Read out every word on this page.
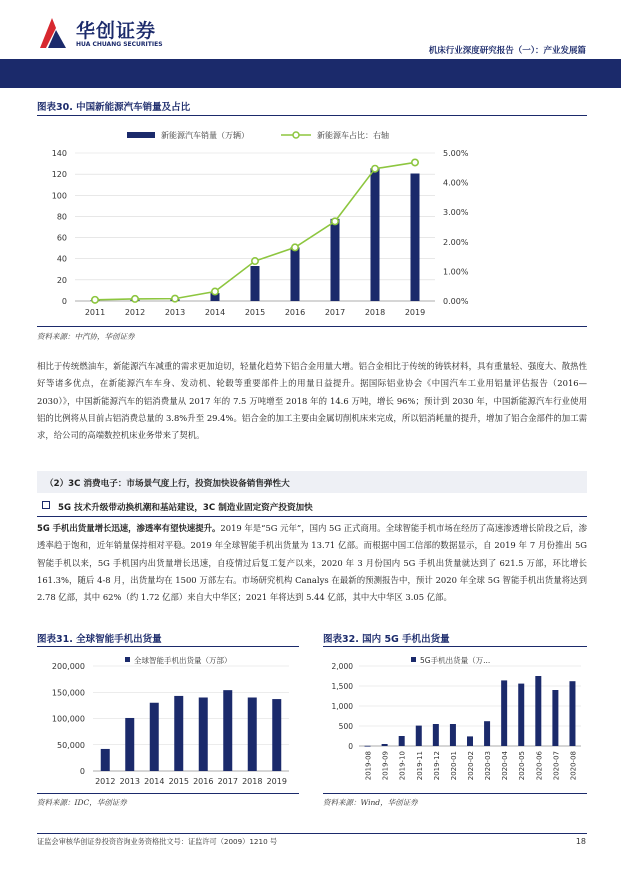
华创证券
HUA CHUANG SECURITIES
机床行业深度研究报告（一）：产业发展篇
图表30. 中国新能源汽车销量及占比
0
20
40
60
80
100
120
140
0.00%
1.00%
2.00%
3.00%
4.00%
5.00%
2011 2012 2013 2014 2015 2016 2017 2018 2019
新能源汽车销量（万辆）	新能源车占比：右轴
资料来源：中汽协，华创证券
相比于传统燃油车，新能源汽车减重的需求更加迫切，轻量化趋势下铝合金用量大增。铝合金相比于传统的铸铁材料，具有重量轻、强度大、散热性好等诸多优点，在新能源汽车车身、发动机、轮毂等重要部件上的用量日益提升。据国际铝业协会《中国汽车工业用铝量评估报告（2016—2030）》，中国新能源汽车的铝消费量从 2017 年的 7.5 万吨增至 2018 年的 14.6 万吨，增长 96%；预计到 2030 年，中国新能源汽车行业使用铝的比例将从目前占铝消费总量的 3.8%升至 29.4%。铝合金的加工主要由金属切削机床来完成，所以铝消耗量的提升，增加了铝合金部件的加工需求，给公司的高端数控机床业务带来了契机。
（2）3C 消费电子：市场景气度上行，投资加快设备销售弹性大
5G 技术升级带动换机潮和基站建设，3C 制造业固定资产投资加快
5G 手机出货量增长迅速，渗透率有望快速提升。2019 年是“5G 元年”，国内 5G 正式商用。全球智能手机市场在经历了高速渗透增长阶段之后，渗透率趋于饱和，近年销量保持相对平稳。2019 年全球智能手机出货量为 13.71 亿部。而根据中国工信部的数据显示，自 2019 年 7 月份推出 5G 智能手机以来，5G 手机国内出货量增长迅速，自疫情过后复工复产以来，2020 年 3 月份国内 5G 手机出货量就达到了 621.5 万部，环比增长 161.3%，随后 4-8 月，出货量均在 1500 万部左右。市场研究机构 Canalys 在最新的预测报告中，预计 2020 年全球 5G 智能手机出货量将达到 2.78 亿部，其中 62%（约 1.72 亿部）来自大中华区；2021 年将达到 5.44 亿部，其中大中华区 3.05 亿部。
图表31. 全球智能手机出货量
0
50,000
100,000
150,000
200,000
2012 2013 2014 2015 2016 2017 2018 2019
全球智能手机出货量（万部）
资料来源：IDC，华创证券
图表32. 国内 5G 手机出货量
0
500
1,000
1,500
2,000
2019-08 2019-09 2019-10 2019-11 2019-12 2020-01 2020-02 2020-03 2020-04 2020-05 2020-06 2020-07 2020-08
5G手机出货量（万...
资料来源：Wind，华创证券
证监会审核华创证券投资咨询业务资格批文号：证监许可（2009）1210 号	18
